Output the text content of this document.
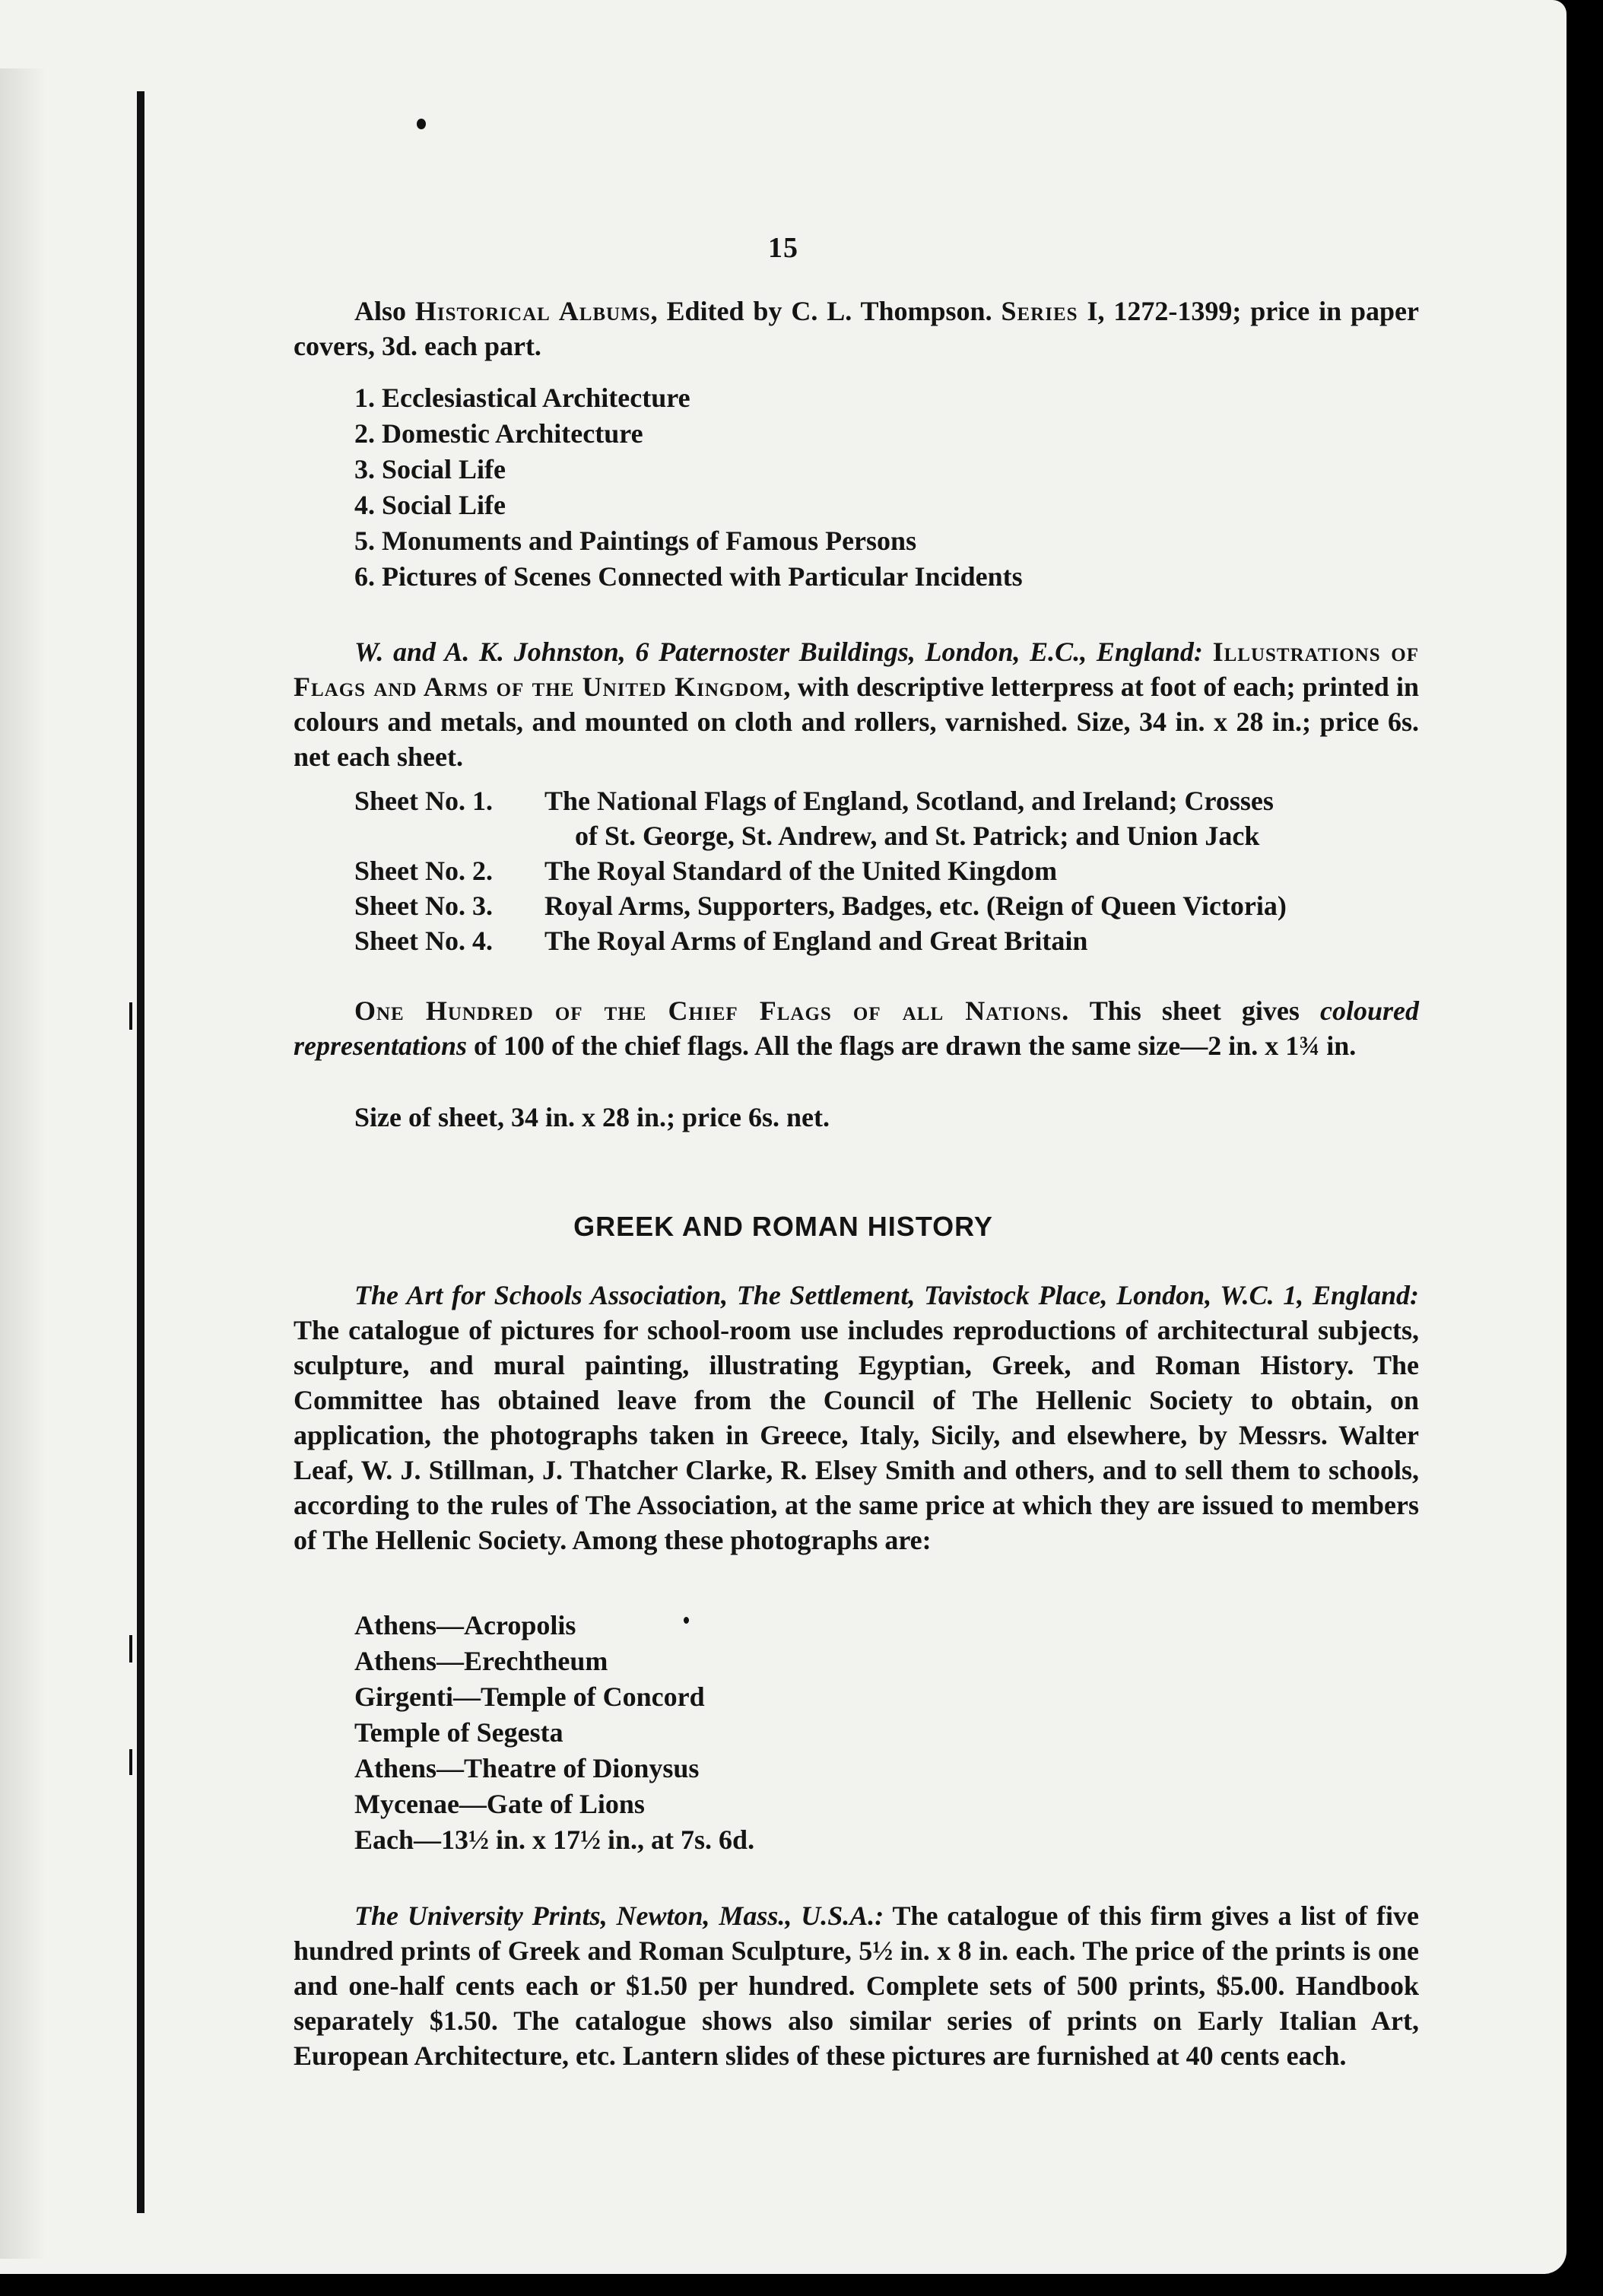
15

Also Historical Albums, Edited by C. L. Thompson. Series I, 1272-1399; price in paper covers, 3d. each part.

1. Ecclesiastical Architecture
2. Domestic Architecture
3. Social Life
4. Social Life
5. Monuments and Paintings of Famous Persons
6. Pictures of Scenes Connected with Particular Incidents

W. and A. K. Johnston, 6 Paternoster Buildings, London, E.C., England: Illustrations of Flags and Arms of the United Kingdom, with descriptive letterpress at foot of each; printed in colours and metals, and mounted on cloth and rollers, varnished. Size, 34 in. x 28 in.; price 6s. net each sheet.

Sheet No. 1.	The National Flags of England, Scotland, and Ireland; Crosses
of St. George, St. Andrew, and St. Patrick; and Union Jack
Sheet No. 2.	The Royal Standard of the United Kingdom
Sheet No. 3.	Royal Arms, Supporters, Badges, etc. (Reign of Queen Victoria)
Sheet No. 4.	The Royal Arms of England and Great Britain

One Hundred of the Chief Flags of all Nations. This sheet gives coloured representations of 100 of the chief flags. All the flags are drawn the same size—2 in. x 1¾ in.

Size of sheet, 34 in. x 28 in.; price 6s. net.
GREEK AND ROMAN HISTORY

The Art for Schools Association, The Settlement, Tavistock Place, London, W.C. 1, England: The catalogue of pictures for school-room use includes reproductions of architectural subjects, sculpture, and mural painting, illustrating Egyptian, Greek, and Roman History. The Committee has obtained leave from the Council of The Hellenic Society to obtain, on application, the photographs taken in Greece, Italy, Sicily, and elsewhere, by Messrs. Walter Leaf, W. J. Stillman, J. Thatcher Clarke, R. Elsey Smith and others, and to sell them to schools, according to the rules of The Association, at the same price at which they are issued to members of The Hellenic Society. Among these photographs are:

Athens—Acropolis
Athens—Erechtheum
Girgenti—Temple of Concord
Temple of Segesta
Athens—Theatre of Dionysus
Mycenae—Gate of Lions
Each—13½ in. x 17½ in., at 7s. 6d.

The University Prints, Newton, Mass., U.S.A.: The catalogue of this firm gives a list of five hundred prints of Greek and Roman Sculpture, 5½ in. x 8 in. each. The price of the prints is one and one-half cents each or $1.50 per hundred. Complete sets of 500 prints, $5.00. Handbook separately $1.50. The catalogue shows also similar series of prints on Early Italian Art, European Architecture, etc. Lantern slides of these pictures are furnished at 40 cents each.
